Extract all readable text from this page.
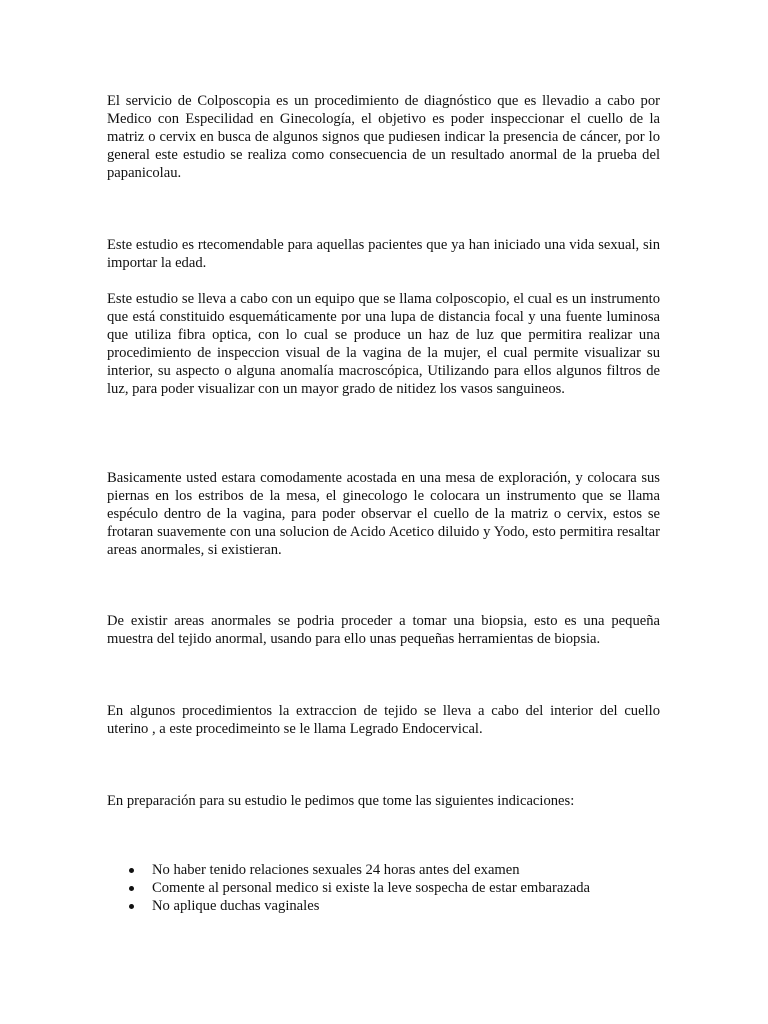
El servicio de Colposcopia es un procedimiento de diagnóstico que es llevadio a cabo por Medico con Especilidad en Ginecología, el objetivo es poder inspeccionar el cuello de la matriz o cervix en busca de algunos signos que pudiesen indicar la presencia de cáncer, por lo general este estudio se realiza como consecuencia de un resultado anormal de la prueba del papanicolau.

Este estudio es rtecomendable para aquellas pacientes que ya han iniciado una vida sexual, sin importar la edad.

Este estudio se lleva a cabo con un equipo que se llama colposcopio, el cual es un instrumento que está constituido esquemáticamente por una lupa de distancia focal y una fuente luminosa que utiliza fibra optica, con lo cual se produce un haz de luz que permitira realizar una procedimiento de inspeccion visual de la vagina de la mujer, el cual permite visualizar su interior, su aspecto o alguna anomalía macroscópica, Utilizando para ellos algunos filtros de luz, para poder visualizar con un mayor grado de nitidez los vasos sanguineos.

Basicamente usted estara comodamente acostada en una mesa de exploración, y colocara sus piernas en los estribos de la mesa, el ginecologo le colocara un instrumento que se llama espéculo dentro de la vagina, para poder observar el cuello de la matriz o cervix, estos se frotaran suavemente con una solucion de Acido Acetico diluido y Yodo, esto permitira resaltar areas anormales, si existieran.

De existir areas anormales se podria proceder a tomar una biopsia, esto es una pequeña muestra del tejido anormal, usando para ello unas pequeñas herramientas de biopsia.

En algunos procedimientos la extraccion de tejido se lleva a cabo del interior del cuello uterino , a este procedimeinto se le llama Legrado Endocervical.

En preparación para su estudio le pedimos que tome las siguientes indicaciones:

No haber tenido relaciones sexuales 24 horas antes del examen
Comente al personal medico si existe la leve sospecha de estar embarazada
No aplique duchas vaginales
